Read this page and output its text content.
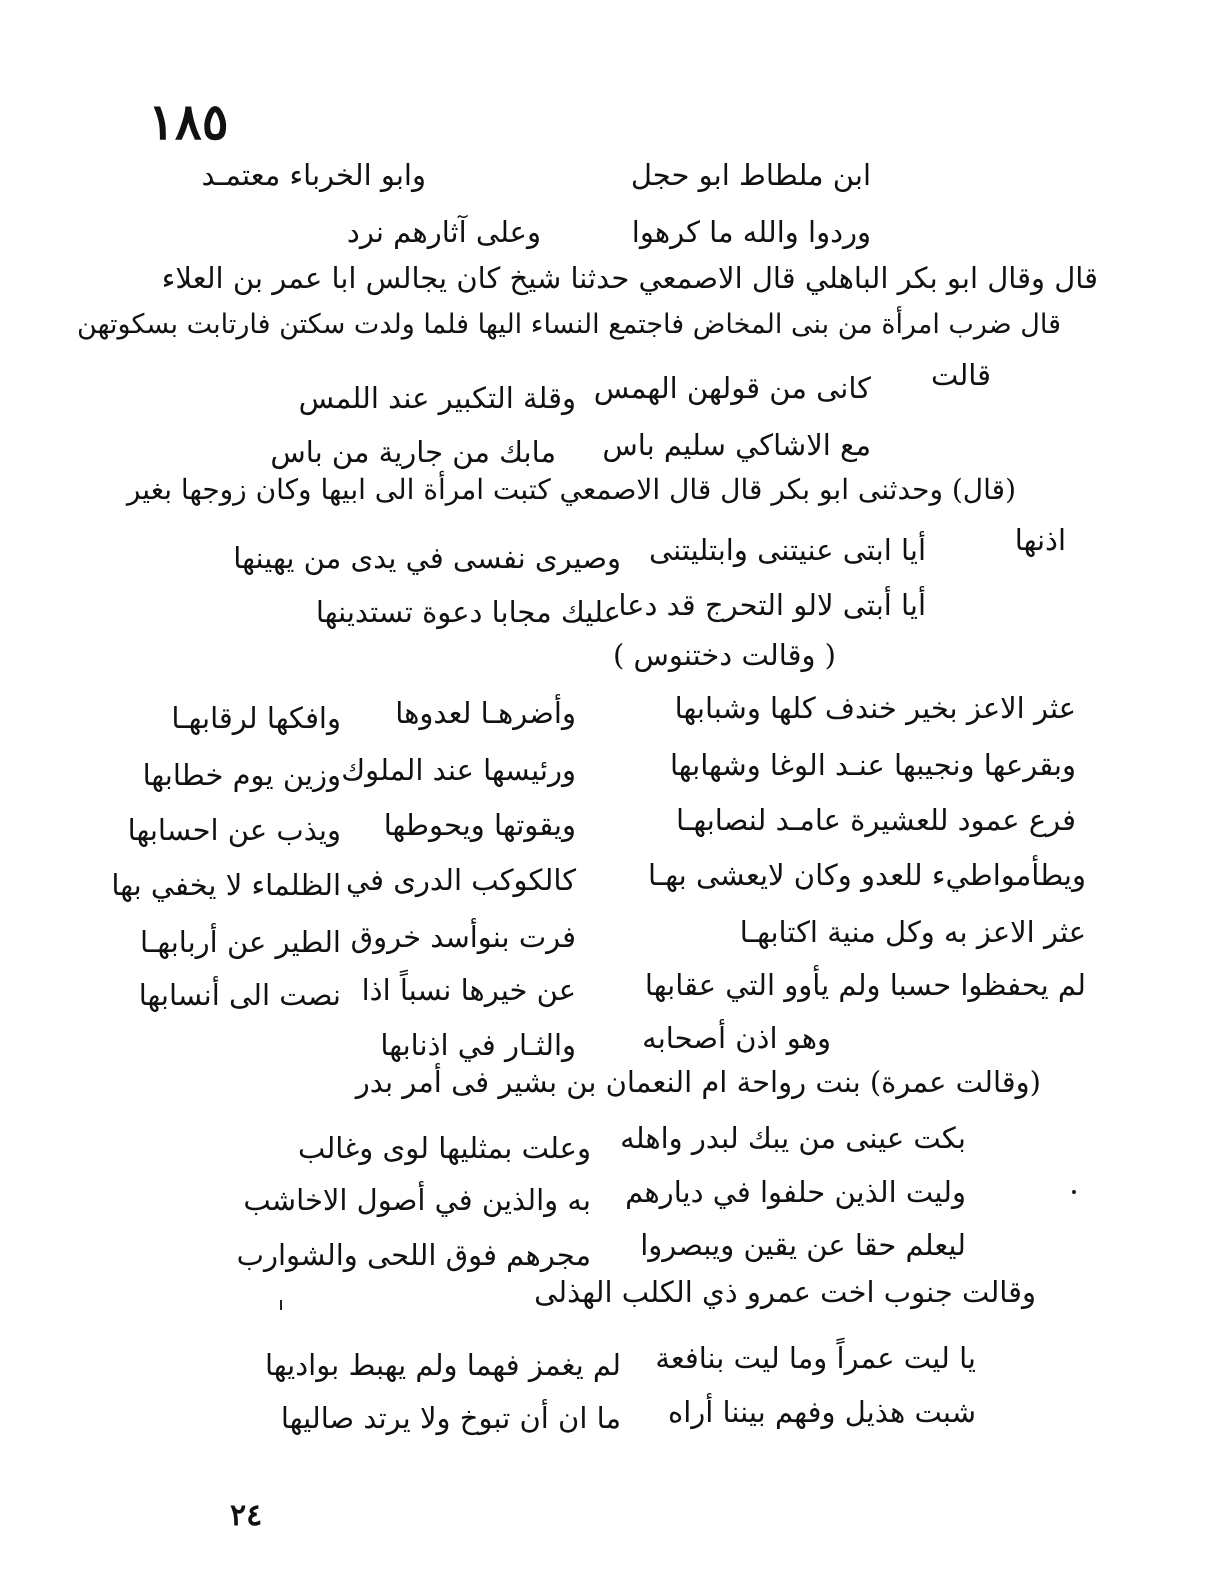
١٨٥
ابن ملطاط ابو حجل
وابو الخرباء معتمـد
وردوا والله ما كرهوا
وعلى آثارهم نرد
قال وقال ابو بكر الباهلي قال الاصمعي حدثنا شيخ كان يجالس ابا عمر بن العلاء
قال ضرب امرأة من بنى المخاض فاجتمع النساء اليها فلما ولدت سكتن فارتابت بسكوتهن
قالت
كانى من قولهن الهمس
وقلة التكبير عند اللمس
مع الاشاكي سليم باس
مابك من جارية من باس
(قال) وحدثنى ابو بكر قال قال الاصمعي كتبت امرأة الى ابيها وكان زوجها بغير
اذنها
أيا ابتى عنيتنى وابتليتنى
وصيرى نفسى في يدى من يهينها
أيا أبتى لالو التحرج قد دعا
عليك مجابا دعوة تستدينها
( وقالت دختنوس )
عثر الاعز بخير خندف كلها وشبابها
وأضرهـا لعدوها
وافكها لرقابهـا
وبقرعها ونجيبها عنـد الوغا وشهابها
ورئيسها عند الملوك
وزين يوم خطابها
فرع عمود للعشيرة عامـد لنصابهـا
ويقوتها ويحوطها
ويذب عن احسابها
ويطأمواطيء للعدو وكان لايعشى بهـا
كالكوكب الدرى في
الظلماء لا يخفي بها
عثر الاعز به وكل منية اكتابهـا
فرت بنوأسد خروق
الطير عن أربابهـا
لم يحفظوا حسبا ولم يأوو التي عقابها
عن خيرها نسباً اذا
نصت الى أنسابها
وهو اذن أصحابه
والثـار في اذنابها
(وقالت عمرة) بنت رواحة ام النعمان بن بشير فى أمر بدر
بكت عينى من يبك لبدر واهله
وعلت بمثليها لوى وغالب
وليت الذين حلفوا في ديارهم
به والذين في أصول الاخاشب
ليعلم حقا عن يقين ويبصروا
مجرهم فوق اللحى والشوارب
وقالت جنوب اخت عمرو ذي الكلب الهذلى
يا ليت عمراً وما ليت بنافعة
لم يغمز فهما ولم يهبط بواديها
شبت هذيل وفهم بيننا أراه
ما ان أن تبوخ ولا يرتد صاليها
٢٤
